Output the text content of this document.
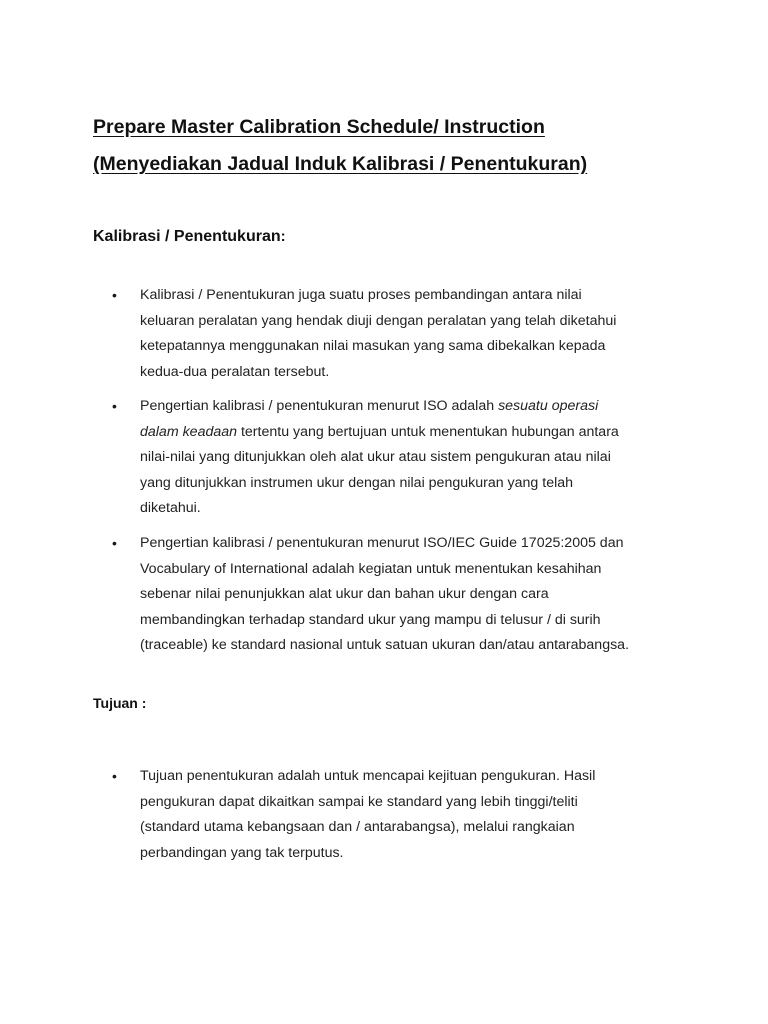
Prepare Master Calibration Schedule/ Instruction
(Menyediakan Jadual Induk Kalibrasi / Penentukuran)
Kalibrasi / Penentukuran:
• Kalibrasi / Penentukuran juga suatu proses pembandingan antara nilai
keluaran peralatan yang hendak diuji dengan peralatan yang telah diketahui
ketepatannya menggunakan nilai masukan yang sama dibekalkan kepada
kedua-dua peralatan tersebut.
• Pengertian kalibrasi / penentukuran menurut ISO adalah sesuatu operasi
dalam keadaan tertentu yang bertujuan untuk menentukan hubungan antara
nilai-nilai yang ditunjukkan oleh alat ukur atau sistem pengukuran atau nilai
yang ditunjukkan instrumen ukur dengan nilai pengukuran yang telah
diketahui.
• Pengertian kalibrasi / penentukuran menurut ISO/IEC Guide 17025:2005 dan
Vocabulary of International adalah kegiatan untuk menentukan kesahihan
sebenar nilai penunjukkan alat ukur dan bahan ukur dengan cara
membandingkan terhadap standard ukur yang mampu di telusur / di surih
(traceable) ke standard nasional untuk satuan ukuran dan/atau antarabangsa.
Tujuan :
• Tujuan penentukuran adalah untuk mencapai kejituan pengukuran. Hasil
pengukuran dapat dikaitkan sampai ke standard yang lebih tinggi/teliti
(standard utama kebangsaan dan / antarabangsa), melalui rangkaian
perbandingan yang tak terputus.
